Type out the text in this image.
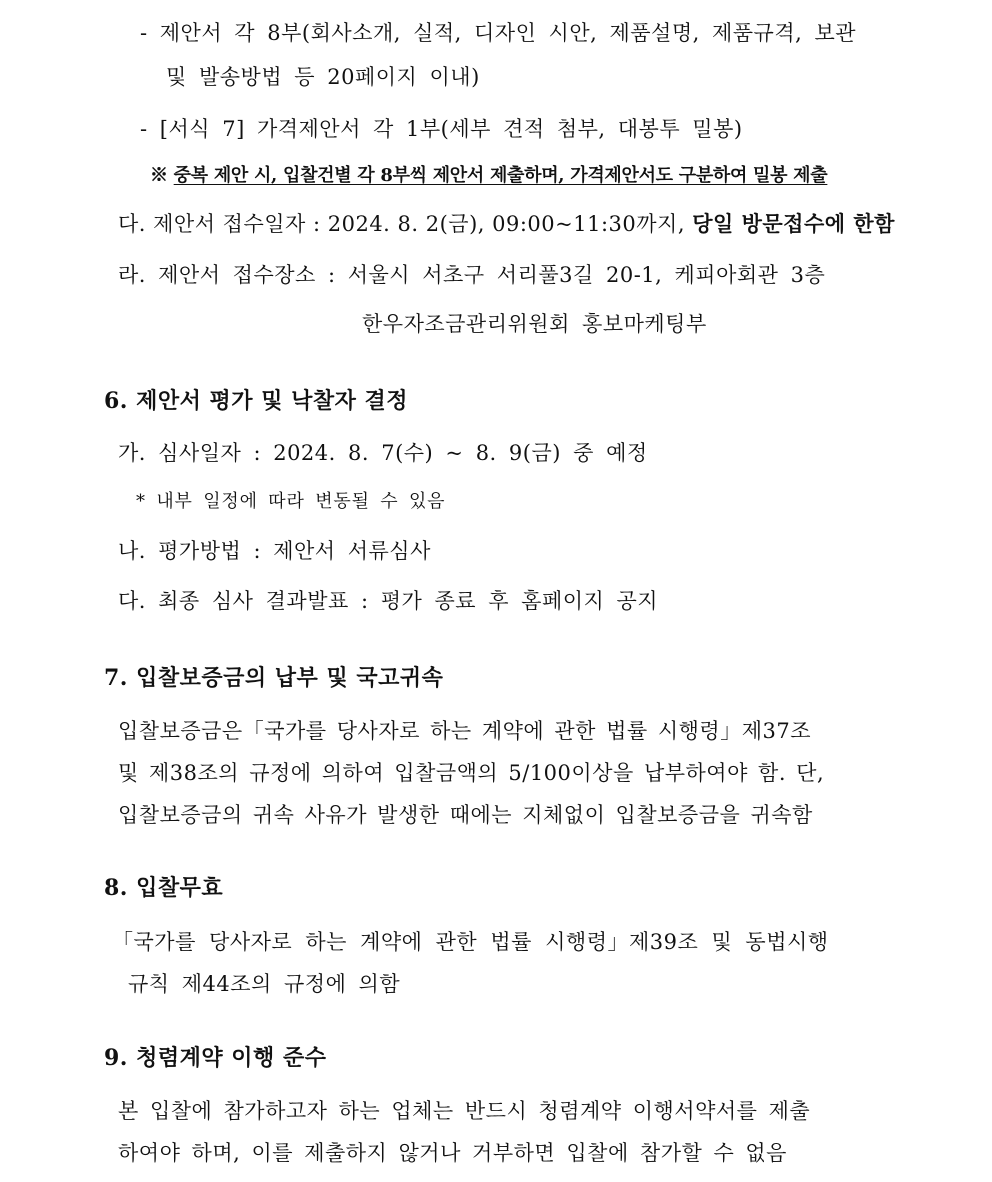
- 제안서 각 8부(회사소개, 실적, 디자인 시안, 제품설명, 제품규격, 보관
및 발송방법 등 20페이지 이내)
- [서식 7] 가격제안서 각 1부(세부 견적 첨부, 대봉투 밀봉)
※ 중복 제안 시, 입찰건별 각 8부씩 제안서 제출하며, 가격제안서도 구분하여 밀봉 제출
다. 제안서 접수일자 : 2024. 8. 2(금), 09:00~11:30까지, 당일 방문접수에 한함
라. 제안서 접수장소 : 서울시 서초구 서리풀3길 20-1, 케피아회관 3층
한우자조금관리위원회 홍보마케팅부
6. 제안서 평가 및 낙찰자 결정
가. 심사일자 : 2024. 8. 7(수) ~ 8. 9(금) 중 예정
* 내부 일정에 따라 변동될 수 있음
나. 평가방법 : 제안서 서류심사
다. 최종 심사 결과발표 : 평가 종료 후 홈페이지 공지
7. 입찰보증금의 납부 및 국고귀속
입찰보증금은「국가를 당사자로 하는 계약에 관한 법률 시행령」제37조
및 제38조의 규정에 의하여 입찰금액의 5/100이상을 납부하여야 함. 단,
입찰보증금의 귀속 사유가 발생한 때에는 지체없이 입찰보증금을 귀속함
8. 입찰무효
「국가를 당사자로 하는 계약에 관한 법률 시행령」제39조 및 동법시행
규칙 제44조의 규정에 의함
9. 청렴계약 이행 준수
본 입찰에 참가하고자 하는 업체는 반드시 청렴계약 이행서약서를 제출
하여야 하며, 이를 제출하지 않거나 거부하면 입찰에 참가할 수 없음
